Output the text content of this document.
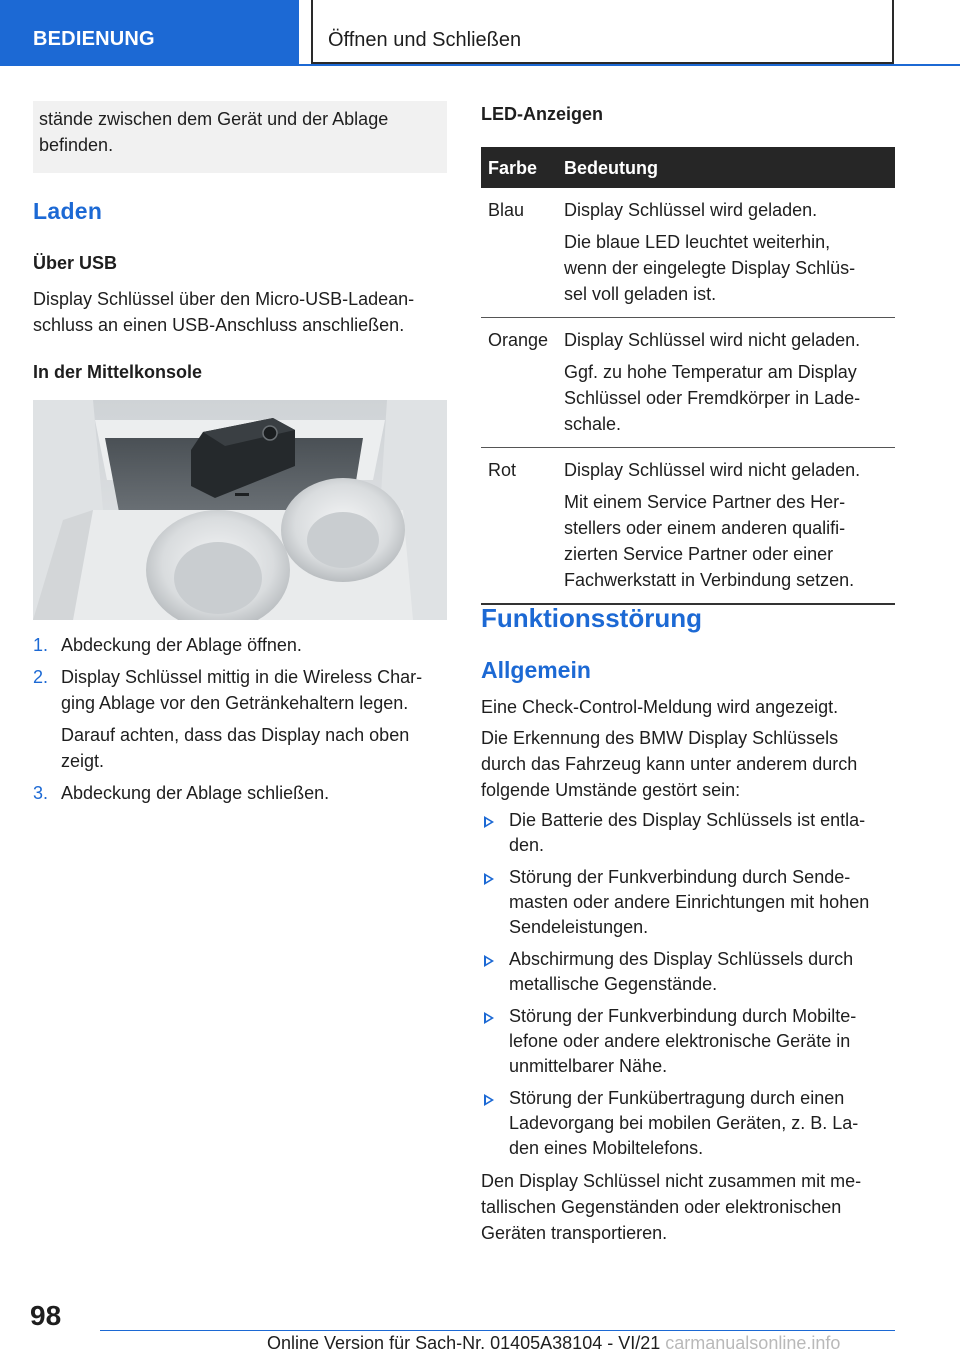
BEDIENUNG	Öffnen und Schließen
stände zwischen dem Gerät und der Ablage
befinden.
Laden
Über USB
Display Schlüssel über den Micro-USB-Ladean-
schluss an einen USB-Anschluss anschließen.
In der Mittelkonsole
1. Abdeckung der Ablage öffnen.
2. Display Schlüssel mittig in die Wireless Char-
ging Ablage vor den Getränkehaltern legen.
Darauf achten, dass das Display nach oben
zeigt.
3. Abdeckung der Ablage schließen.
LED-Anzeigen
Farbe Bedeutung
Blau Display Schlüssel wird geladen.

Die blaue LED leuchtet weiterhin,
wenn der eingelegte Display Schlüs-
sel voll geladen ist.

Orange Display Schlüssel wird nicht geladen.

Ggf. zu hohe Temperatur am Display
Schlüssel oder Fremdkörper in Lade-
schale.

Rot	Display Schlüssel wird nicht geladen.

Mit einem Service Partner des Her-
stellers oder einem anderen qualifi-
zierten Service Partner oder einer
Fachwerkstatt in Verbindung setzen.

Funktionsstörung
Allgemein
Eine Check-Control-Meldung wird angezeigt.
Die Erkennung des BMW Display Schlüssels
durch das Fahrzeug kann unter anderem durch
folgende Umstände gestört sein:
Die Batterie des Display Schlüssels ist entla-
den.
Störung der Funkverbindung durch Sende-
masten oder andere Einrichtungen mit hohen
Sendeleistungen.
Abschirmung des Display Schlüssels durch
metallische Gegenstände.
Störung der Funkverbindung durch Mobilte-
lefone oder andere elektronische Geräte in
unmittelbarer Nähe.
Störung der Funkübertragung durch einen
Ladevorgang bei mobilen Geräten, z. B. La-
den eines Mobiltelefons.
Den Display Schlüssel nicht zusammen mit me-
tallischen Gegenständen oder elektronischen
Geräten transportieren.
98
Online Version für Sach-Nr. 01405A38104 - VI/21 carmanualsonline.info
